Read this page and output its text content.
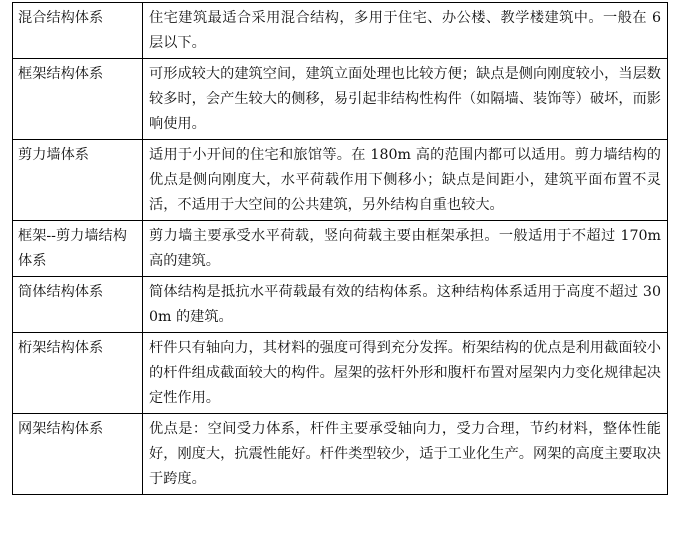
混合结构体系	住宅建筑最适合采用混合结构，多用于住宅、办公楼、教学楼建筑中。一般在 6 层以下。
框架结构体系	可形成较大的建筑空间，建筑立面处理也比较方便；缺点是侧向刚度较小，当层数较多时，会产生较大的侧移，易引起非结构性构件（如隔墙、装饰等）破坏，而影响使用。
剪力墙体系	适用于小开间的住宅和旅馆等。在 180m 高的范围内都可以适用。剪力墙结构的优点是侧向刚度大，水平荷载作用下侧移小；缺点是间距小，建筑平面布置不灵活，不适用于大空间的公共建筑，另外结构自重也较大。
框架--剪力墙结构体系	剪力墙主要承受水平荷载，竖向荷载主要由框架承担。一般适用于不超过 170m 高的建筑。
筒体结构体系	简体结构是抵抗水平荷载最有效的结构体系。这种结构体系适用于高度不超过 300m 的建筑。
桁架结构体系	杆件只有轴向力，其材料的强度可得到充分发挥。桁架结构的优点是利用截面较小的杆件组成截面较大的构件。屋架的弦杆外形和腹杆布置对屋架内力变化规律起决定性作用。
网架结构体系	优点是：空间受力体系，杆件主要承受轴向力，受力合理，节约材料，整体性能好，刚度大，抗震性能好。杆件类型较少，适于工业化生产。网架的高度主要取决于跨度。
